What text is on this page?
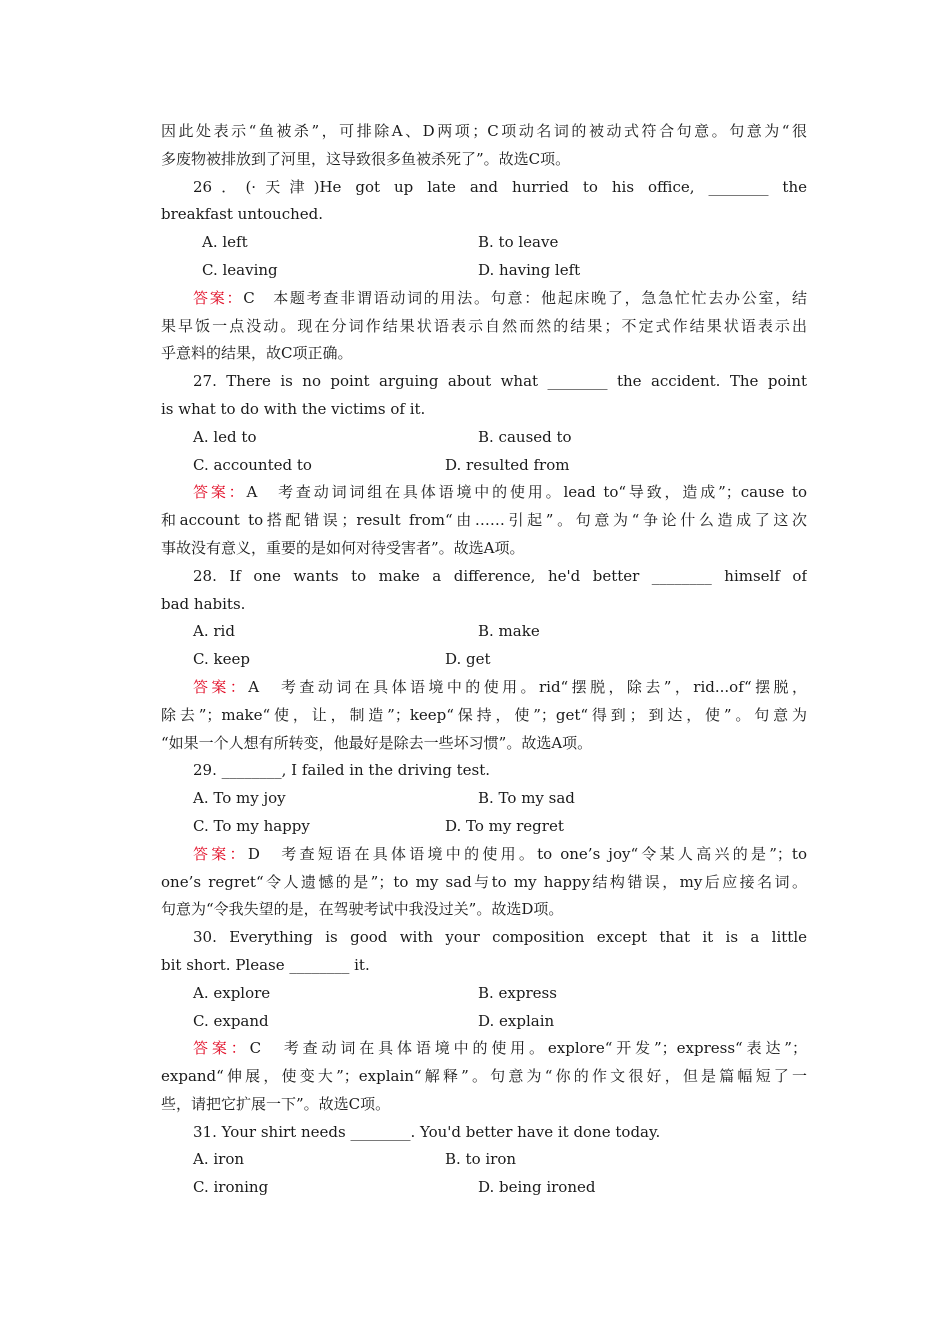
因此处表示“鱼被杀”，可排除A、D两项；C项动名词的被动式符合句意。句意为“很
多废物被排放到了河里，这导致很多鱼被杀死了”。故选C项。
26．(·天津)He got up late and hurried to his office, ________ the
breakfast untouched.
A. left	B. to leave
C. leaving	D. having left
答案：C　 本题考查非谓语动词的用法。句意：他起床晚了，急急忙忙去办公室，结
果早饭一点没动。现在分词作结果状语表示自然而然的结果；不定式作结果状语表示出
乎意料的结果，故C项正确。
27. There is no point arguing about what ________ the accident. The point
is what to do with the victims of it.
A. led to	B. caused to
C. accounted to	D. resulted from
答案：A　 考查动词词组在具体语境中的使用。lead to“导致，造成”；cause to
和account to搭配错误；result from“由……引起”。句意为“争论什么造成了这次
事故没有意义，重要的是如何对待受害者”。故选A项。
28. If one wants to make a difference, he'd better ________ himself of
bad habits.
A. rid	B. make
C. keep	D. get
答案：A　 考查动词在具体语境中的使用。rid“摆脱，除去”，rid...of“摆脱，
除去”；make“使，让，制造”；keep“保持，使”；get“得到；到达，使”。句意为
“如果一个人想有所转变，他最好是除去一些坏习惯”。故选A项。
29. ________, I failed in the driving test.
A. To my joy	B. To my sad
C. To my happy	D. To my regret
答案：D　 考查短语在具体语境中的使用。to one’s joy“令某人高兴的是”；to
one’s regret“令人遗憾的是”；to my sad与to my happy结构错误，my后应接名词。
句意为“令我失望的是，在驾驶考试中我没过关”。故选D项。
30. Everything is good with your composition except that it is a little
bit short. Please ________ it.
A. explore	B. express
C. expand	D. explain
答案：C　 考查动词在具体语境中的使用。explore“开发”；express“表达”；
expand“伸展，使变大”；explain“解释”。句意为“你的作文很好，但是篇幅短了一
些，请把它扩展一下”。故选C项。
31. Your shirt needs ________. You'd better have it done today.
A. iron	B. to iron
C. ironing	D. being ironed
